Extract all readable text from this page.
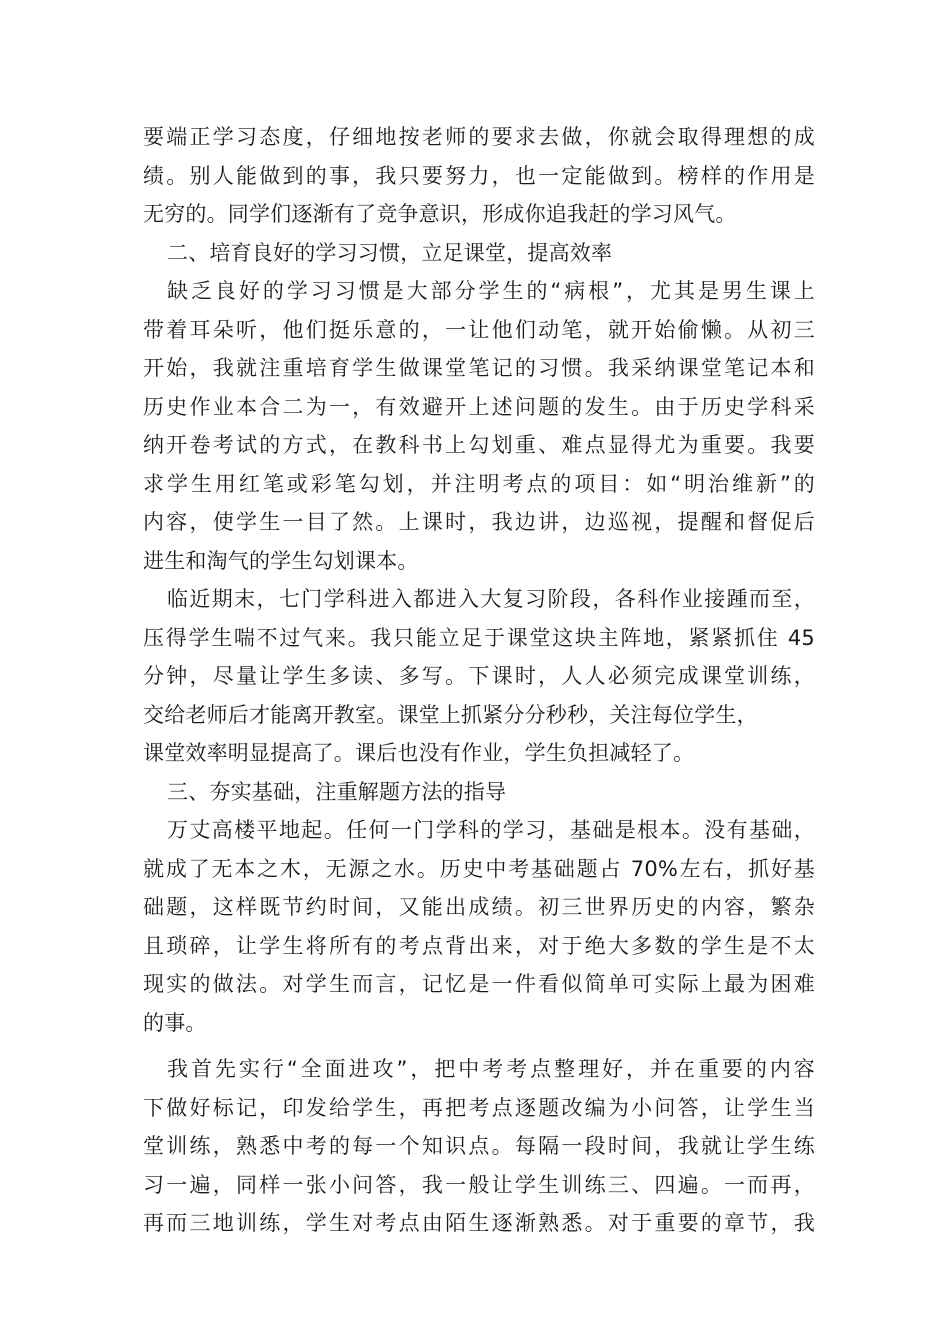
要端正学习态度，仔细地按老师的要求去做，你就会取得理想的成
绩。别人能做到的事，我只要努力，也一定能做到。榜样的作用是
无穷的。同学们逐渐有了竞争意识，形成你追我赶的学习风气。
二、培育良好的学习习惯，立足课堂，提高效率
缺乏良好的学习习惯是大部分学生的“病根”，尤其是男生课上
带着耳朵听，他们挺乐意的，一让他们动笔，就开始偷懒。从初三
开始，我就注重培育学生做课堂笔记的习惯。我采纳课堂笔记本和
历史作业本合二为一，有效避开上述问题的发生。由于历史学科采
纳开卷考试的方式，在教科书上勾划重、难点显得尤为重要。我要
求学生用红笔或彩笔勾划，并注明考点的项目：如“明治维新”的
内容，使学生一目了然。上课时，我边讲，边巡视，提醒和督促后
进生和淘气的学生勾划课本。
临近期末，七门学科进入都进入大复习阶段，各科作业接踵而至，
压得学生喘不过气来。我只能立足于课堂这块主阵地，紧紧抓住 45
分钟，尽量让学生多读、多写。下课时，人人必须完成课堂训练，
交给老师后才能离开教室。课堂上抓紧分分秒秒，关注每位学生，
课堂效率明显提高了。课后也没有作业，学生负担减轻了。
三、夯实基础，注重解题方法的指导
万丈高楼平地起。任何一门学科的学习，基础是根本。没有基础，
就成了无本之木，无源之水。历史中考基础题占 70%左右，抓好基
础题，这样既节约时间，又能出成绩。初三世界历史的内容，繁杂
且琐碎，让学生将所有的考点背出来，对于绝大多数的学生是不太
现实的做法。对学生而言，记忆是一件看似简单可实际上最为困难
的事。
我首先实行“全面进攻”，把中考考点整理好，并在重要的内容
下做好标记，印发给学生，再把考点逐题改编为小问答，让学生当
堂训练，熟悉中考的每一个知识点。每隔一段时间，我就让学生练
习一遍，同样一张小问答，我一般让学生训练三、四遍。一而再，
再而三地训练，学生对考点由陌生逐渐熟悉。对于重要的章节，我
